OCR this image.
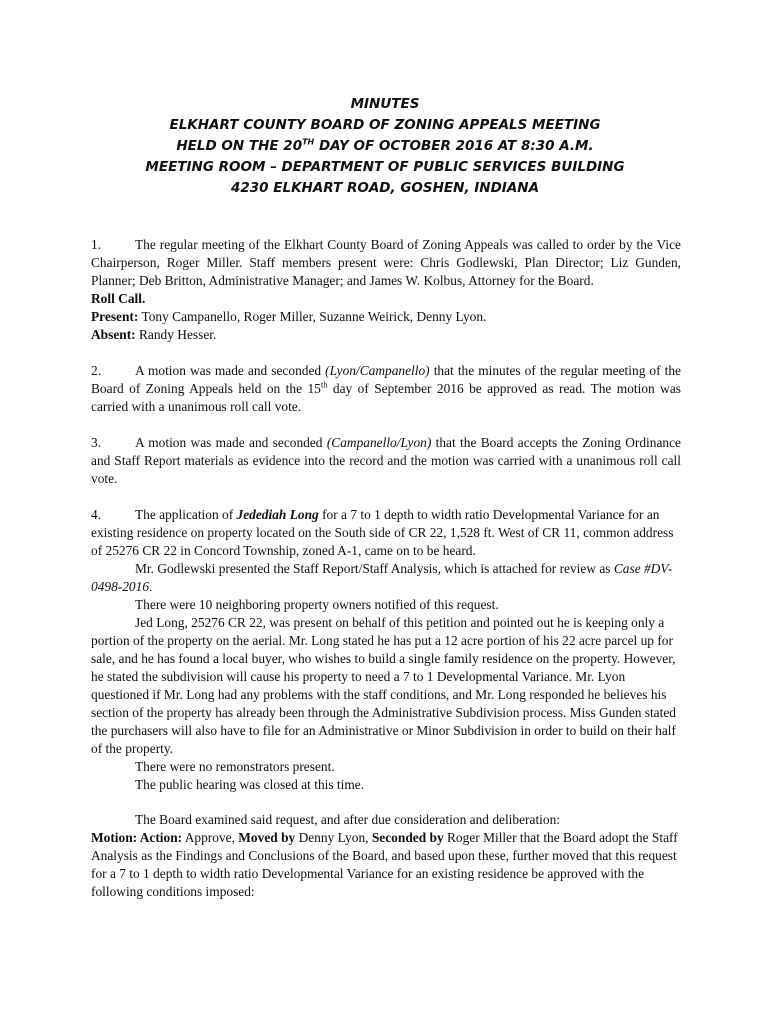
MINUTES
ELKHART COUNTY BOARD OF ZONING APPEALS MEETING
HELD ON THE 20TH DAY OF OCTOBER 2016 AT 8:30 A.M.
MEETING ROOM – DEPARTMENT OF PUBLIC SERVICES BUILDING
4230 ELKHART ROAD, GOSHEN, INDIANA

1.	The regular meeting of the Elkhart County Board of Zoning Appeals was called to order by the Vice Chairperson, Roger Miller. Staff members present were: Chris Godlewski, Plan Director; Liz Gunden, Planner; Deb Britton, Administrative Manager; and James W. Kolbus, Attorney for the Board.

Roll Call.

Present: Tony Campanello, Roger Miller, Suzanne Weirick, Denny Lyon.

Absent: Randy Hesser.

2.	A motion was made and seconded (Lyon/Campanello) that the minutes of the regular meeting of the Board of Zoning Appeals held on the 15th day of September 2016 be approved as read. The motion was carried with a unanimous roll call vote.

3.	A motion was made and seconded (Campanello/Lyon) that the Board accepts the Zoning Ordinance and Staff Report materials as evidence into the record and the motion was carried with a unanimous roll call vote.

4.	The application of Jedediah Long for a 7 to 1 depth to width ratio Developmental Variance for an existing residence on property located on the South side of CR 22, 1,528 ft. West of CR 11, common address of 25276 CR 22 in Concord Township, zoned A-1, came on to be heard.

Mr. Godlewski presented the Staff Report/Staff Analysis, which is attached for review as Case #DV-0498-2016.

There were 10 neighboring property owners notified of this request.

Jed Long, 25276 CR 22, was present on behalf of this petition and pointed out he is keeping only a portion of the property on the aerial. Mr. Long stated he has put a 12 acre portion of his 22 acre parcel up for sale, and he has found a local buyer, who wishes to build a single family residence on the property. However, he stated the subdivision will cause his property to need a 7 to 1 Developmental Variance. Mr. Lyon questioned if Mr. Long had any problems with the staff conditions, and Mr. Long responded he believes his section of the property has already been through the Administrative Subdivision process. Miss Gunden stated the purchasers will also have to file for an Administrative or Minor Subdivision in order to build on their half of the property.

There were no remonstrators present.

The public hearing was closed at this time.

The Board examined said request, and after due consideration and deliberation:

Motion: Action: Approve, Moved by Denny Lyon, Seconded by Roger Miller that the Board adopt the Staff Analysis as the Findings and Conclusions of the Board, and based upon these, further moved that this request for a 7 to 1 depth to width ratio Developmental Variance for an existing residence be approved with the following conditions imposed:
